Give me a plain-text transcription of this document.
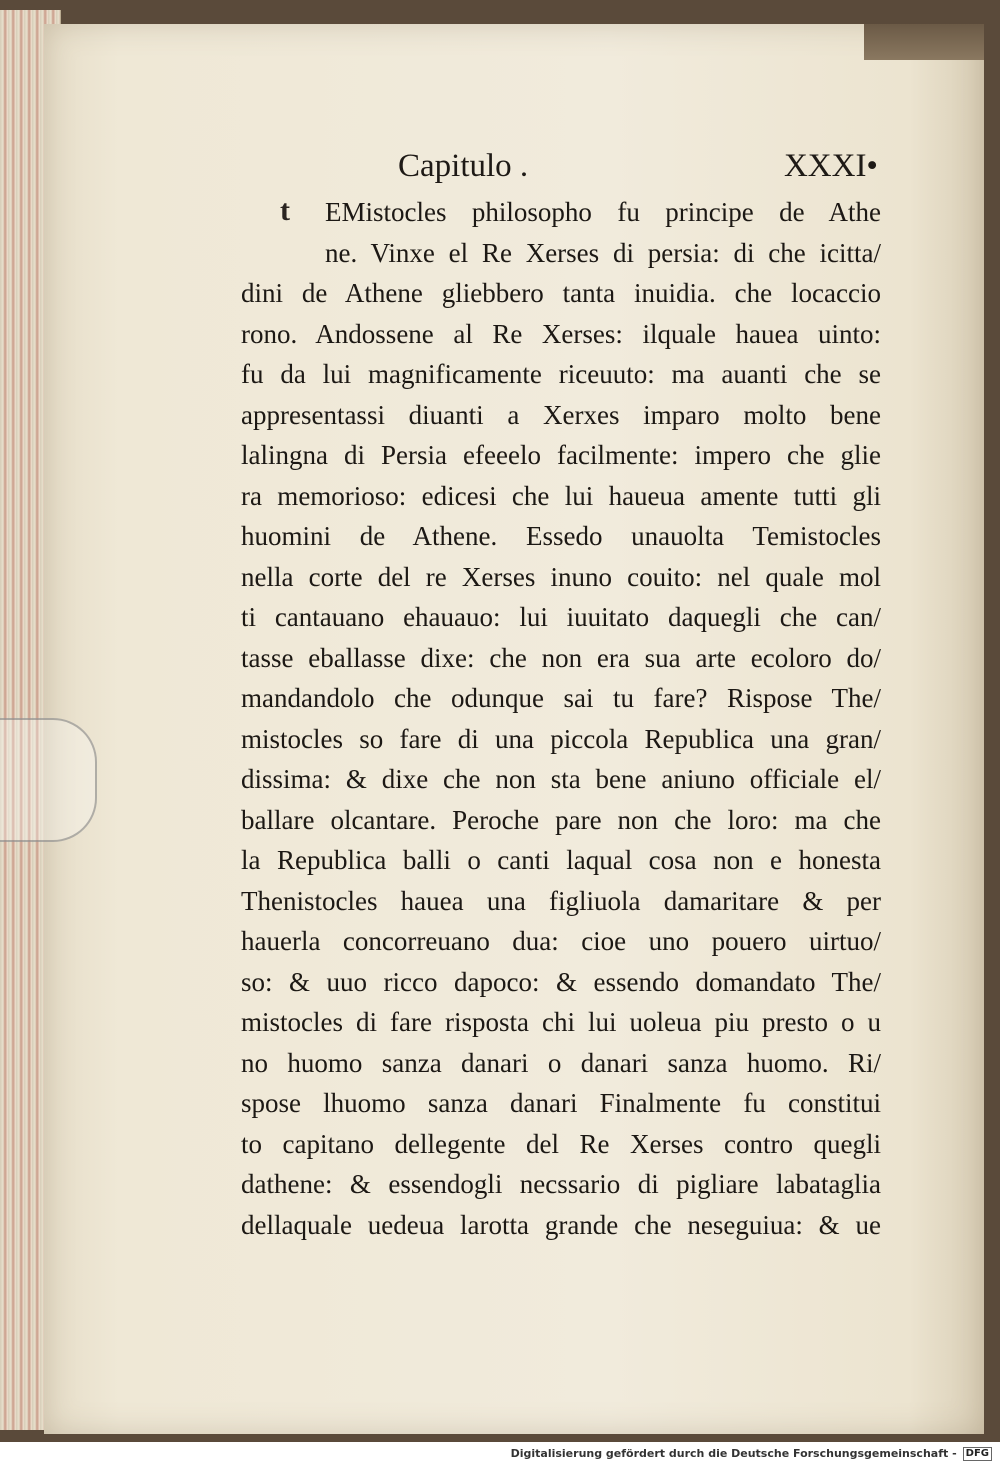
Capitulo .	XXXI•
t	EMistocles philosopho fu principe de Athe
ne. Vinxe el Re Xerses di persia: di che icitta/
dini de Athene gliebbero tanta inuidia. che locaccio
rono. Andossene al Re Xerses: ilquale hauea uinto:
fu da lui magnificamente riceuuto: ma auanti che se
appresentassi diuanti a Xerxes imparo molto bene
lalingna di Persia efeeelo facilmente: impero che glie
ra memorioso: edicesi che lui haueua amente tutti gli
huomini de Athene. Essedo unauolta Temistocles
nella corte del re Xerses inuno couito: nel quale mol
ti cantauano ehauauo: lui iuuitato daquegli che can/
tasse eballasse dixe: che non era sua arte ecoloro do/
mandandolo che odunque sai tu fare? Rispose The/
mistocles so fare di una piccola Republica una gran/
dissima: & dixe che non sta bene aniuno officiale el/
ballare olcantare. Peroche pare non che loro: ma che
la Republica balli o canti laqual cosa non e honesta
Thenistocles hauea una figliuola damaritare & per
hauerla concorreuano dua: cioe uno pouero uirtuo/
so: & uuo ricco dapoco: & essendo domandato The/
mistocles di fare risposta chi lui uoleua piu presto o u
no huomo sanza danari o danari sanza huomo. Ri/
spose lhuomo sanza danari Finalmente fu constitui
to capitano dellegente del Re Xerses contro quegli
dathene: & essendogli necssario di pigliare labataglia
dellaquale uedeua larotta grande che neseguiua: & ue
Digitalisierung gefördert durch die Deutsche Forschungsgemeinschaft - DFG
